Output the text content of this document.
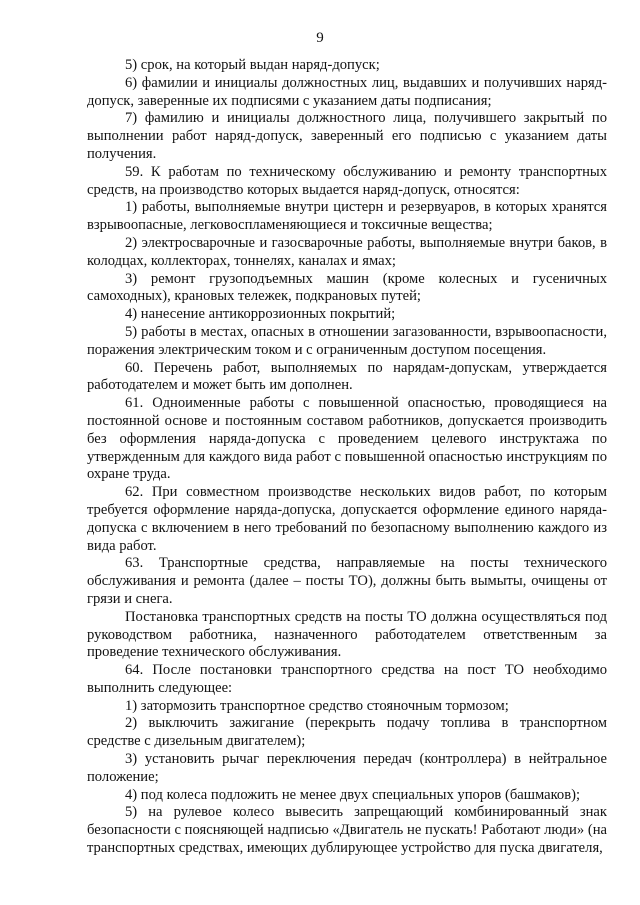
9

5) срок, на который выдан наряд-допуск;

6) фамилии и инициалы должностных лиц, выдавших и получивших наряд-допуск, заверенные их подписями с указанием даты подписания;

7) фамилию и инициалы должностного лица, получившего закрытый по выполнении работ наряд-допуск, заверенный его подписью с указанием даты получения.

59. К работам по техническому обслуживанию и ремонту транспортных средств, на производство которых выдается наряд-допуск, относятся:

1) работы, выполняемые внутри цистерн и резервуаров, в которых хранятся взрывоопасные, легковоспламеняющиеся и токсичные вещества;

2) электросварочные и газосварочные работы, выполняемые внутри баков, в колодцах, коллекторах, тоннелях, каналах и ямах;

3) ремонт грузоподъемных машин (кроме колесных и гусеничных самоходных), крановых тележек, подкрановых путей;

4) нанесение антикоррозионных покрытий;

5) работы в местах, опасных в отношении загазованности, взрывоопасности, поражения электрическим током и с ограниченным доступом посещения.

60. Перечень работ, выполняемых по нарядам-допускам, утверждается работодателем и может быть им дополнен.

61. Одноименные работы с повышенной опасностью, проводящиеся на постоянной основе и постоянным составом работников, допускается производить без оформления наряда-допуска с проведением целевого инструктажа по утвержденным для каждого вида работ с повышенной опасностью инструкциям по охране труда.

62. При совместном производстве нескольких видов работ, по которым требуется оформление наряда-допуска, допускается оформление единого наряда-допуска с включением в него требований по безопасному выполнению каждого из вида работ.

63. Транспортные средства, направляемые на посты технического обслуживания и ремонта (далее – посты ТО), должны быть вымыты, очищены от грязи и снега.

Постановка транспортных средств на посты ТО должна осуществляться под руководством работника, назначенного работодателем ответственным за проведение технического обслуживания.

64. После постановки транспортного средства на пост ТО необходимо выполнить следующее:

1) затормозить транспортное средство стояночным тормозом;

2) выключить зажигание (перекрыть подачу топлива в транспортном средстве с дизельным двигателем);

3) установить рычаг переключения передач (контроллера) в нейтральное положение;

4) под колеса подложить не менее двух специальных упоров (башмаков);

5) на рулевое колесо вывесить запрещающий комбинированный знак безопасности с поясняющей надписью «Двигатель не пускать! Работают люди» (на транспортных средствах, имеющих дублирующее устройство для пуска двигателя,
